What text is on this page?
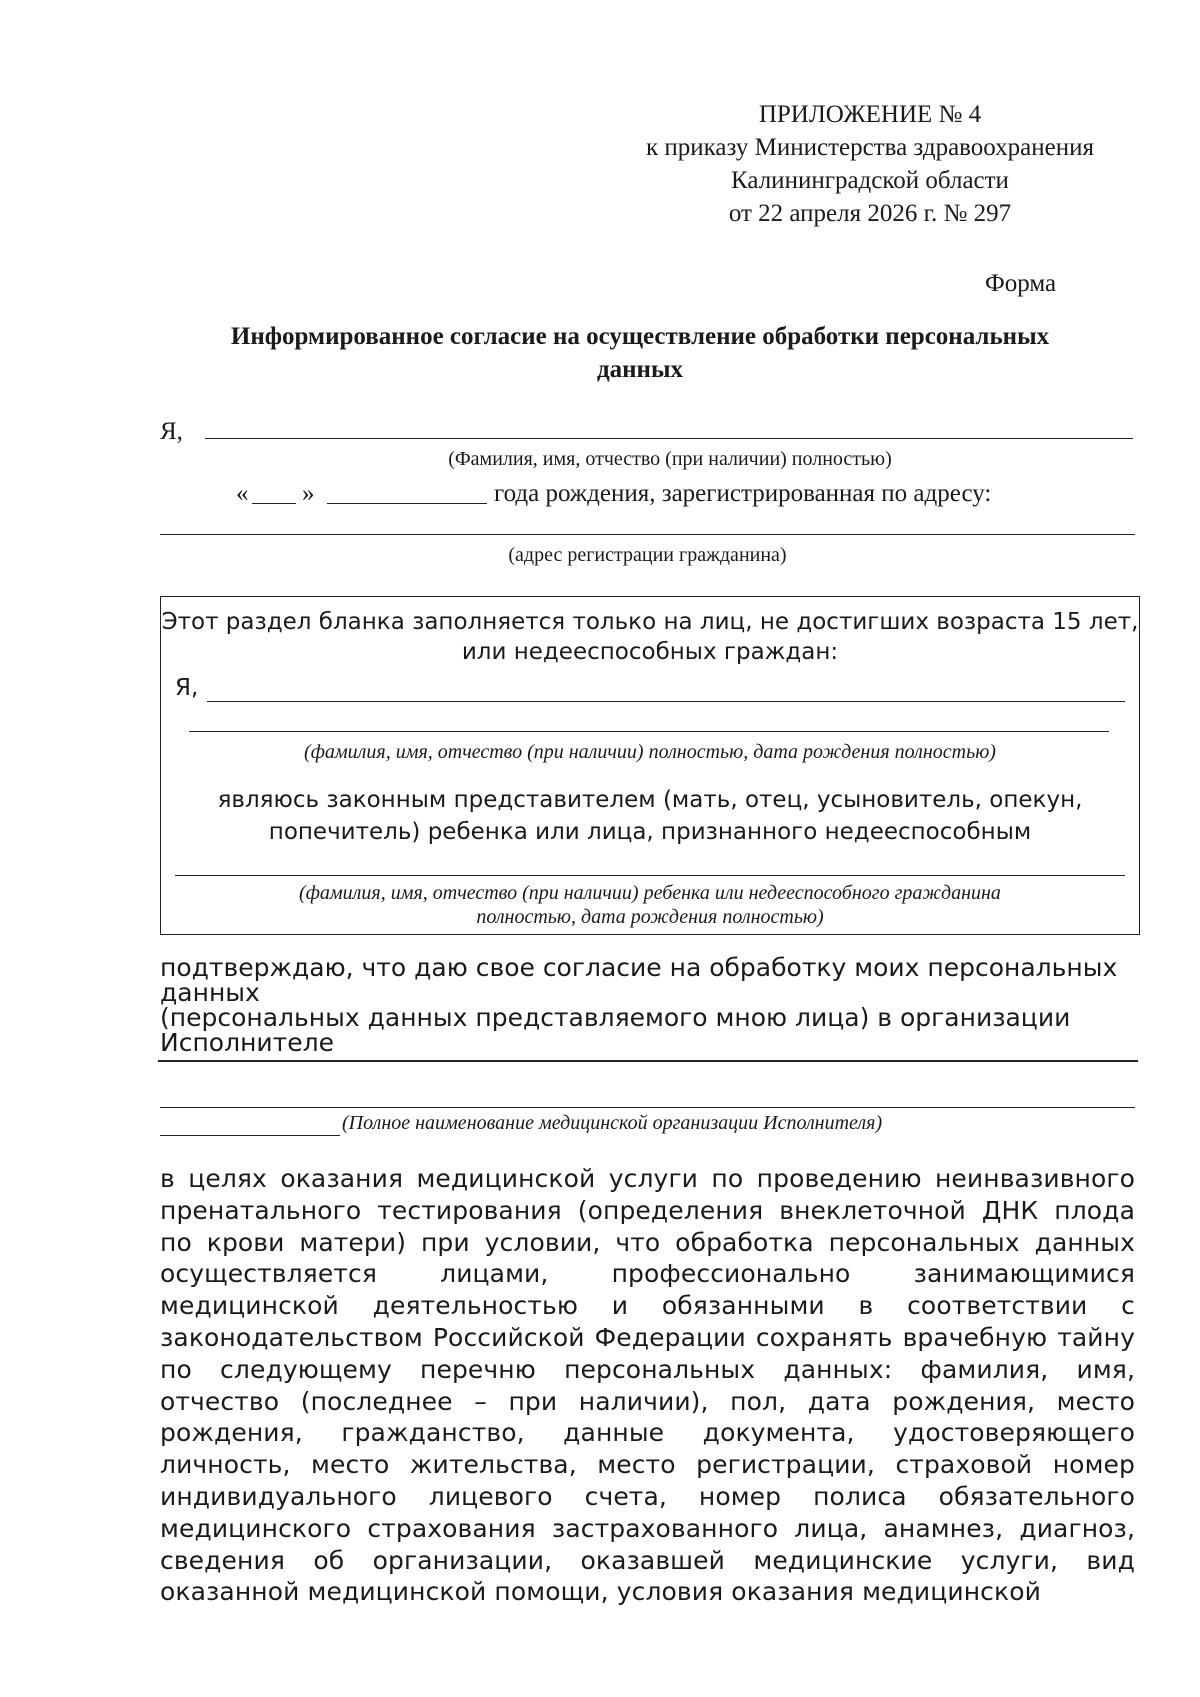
ПРИЛОЖЕНИЕ № 4
к приказу Министерства здравоохранения
Калининградской области
от 22 апреля 2026 г. № 297
Форма
Информированное согласие на осуществление обработки персональных
данных
Я,
(Фамилия, имя, отчество (при наличии) полностью)
« »	года рождения, зарегистрированная по адресу:
(адрес регистрации гражданина)
Этот раздел бланка заполняется только на лиц, не достигших возраста 15 лет,
или недееспособных граждан:
Я,
(фамилия, имя, отчество (при наличии) полностью, дата рождения полностью)
являюсь законным представителем (мать, отец, усыновитель, опекун,
попечитель) ребенка или лица, признанного недееспособным
(фамилия, имя, отчество (при наличии) ребенка или недееспособного гражданина
полностью, дата рождения полностью)
подтверждаю, что даю свое согласие на обработку моих персональных данных
(персональных данных представляемого мною лица) в организации
Исполнителе
(Полное наименование медицинской организации Исполнителя)
в целях оказания медицинской услуги по проведению неинвазивного пренатального тестирования (определения внеклеточной ДНК плода по крови матери) при условии, что обработка персональных данных осуществляется лицами, профессионально занимающимися медицинской деятельностью и обязанными в соответствии с законодательством Российской Федерации сохранять врачебную тайну по следующему перечню персональных данных: фамилия, имя, отчество (последнее – при наличии), пол, дата рождения, место рождения, гражданство, данные документа, удостоверяющего личность, место жительства, место регистрации, страховой номер индивидуального лицевого счета, номер полиса обязательного медицинского страхования застрахованного лица, анамнез, диагноз, сведения об организации, оказавшей медицинские услуги, вид оказанной медицинской помощи, условия оказания медицинской
